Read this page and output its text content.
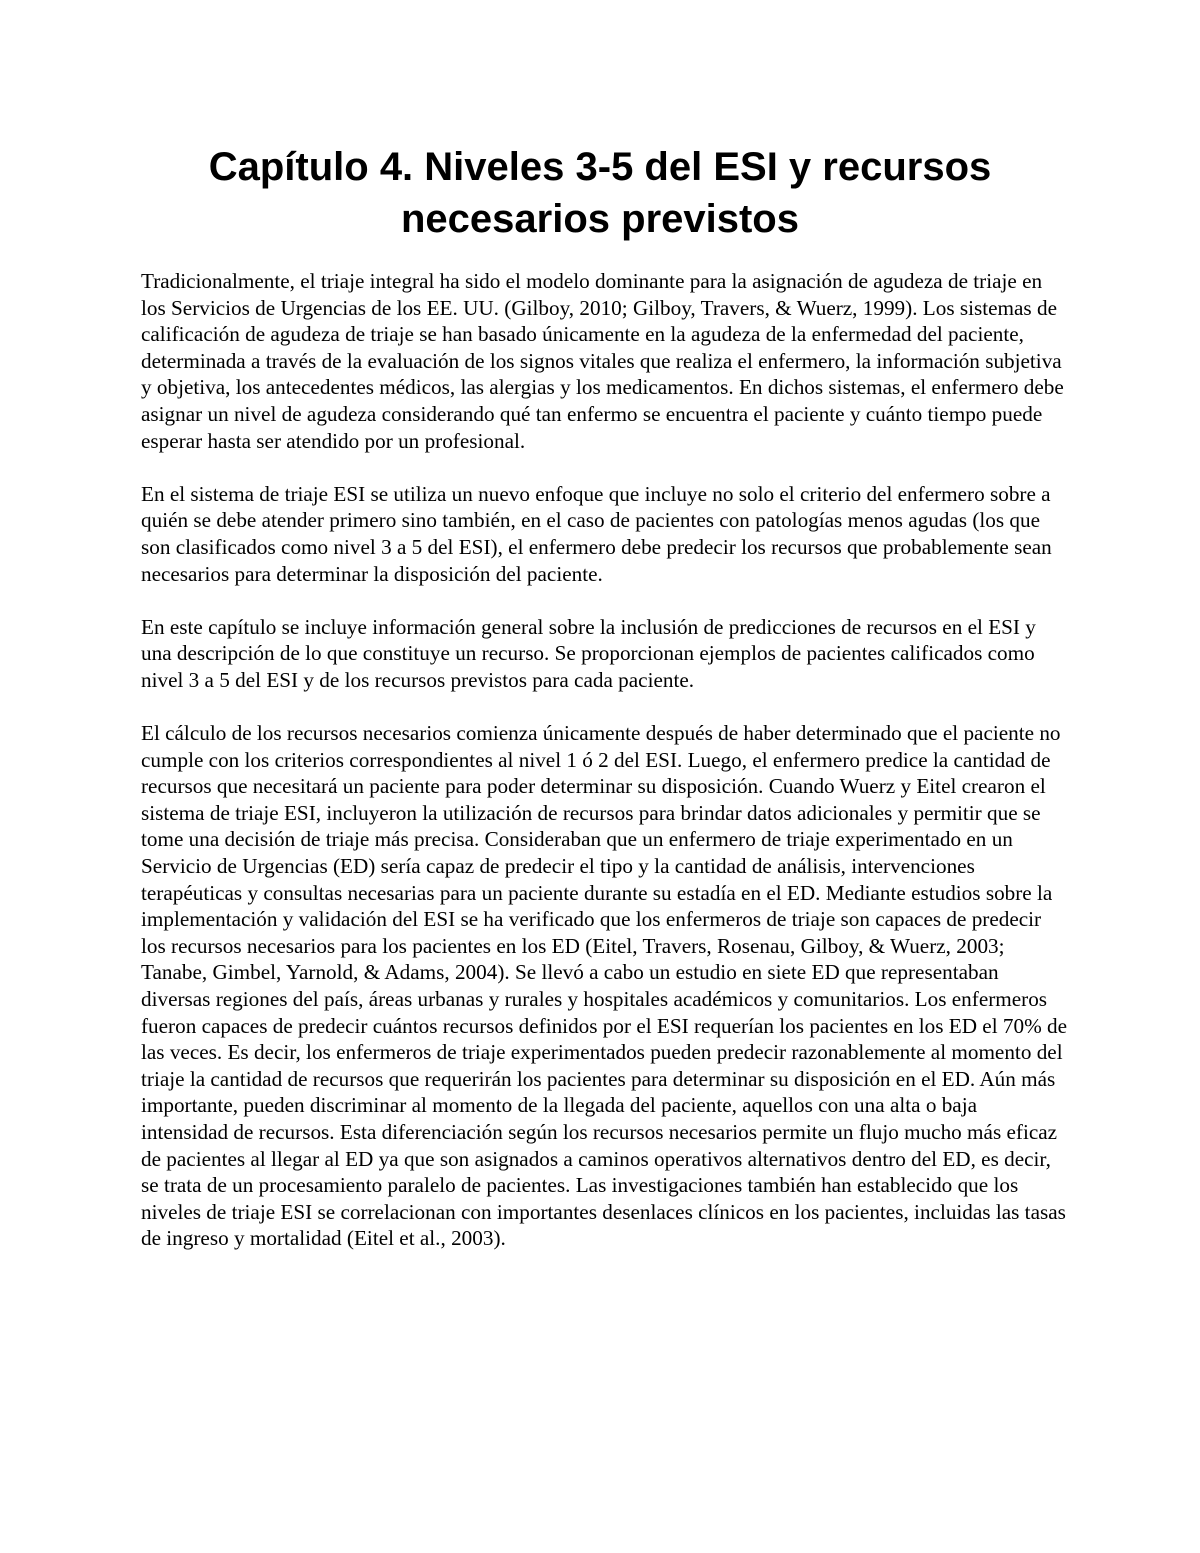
Capítulo 4. Niveles 3-5 del ESI y recursos necesarios previstos

Tradicionalmente, el triaje integral ha sido el modelo dominante para la asignación de agudeza de triaje en los Servicios de Urgencias de los EE. UU. (Gilboy, 2010; Gilboy, Travers, & Wuerz, 1999). Los sistemas de calificación de agudeza de triaje se han basado únicamente en la agudeza de la enfermedad del paciente, determinada a través de la evaluación de los signos vitales que realiza el enfermero, la información subjetiva y objetiva, los antecedentes médicos, las alergias y los medicamentos. En dichos sistemas, el enfermero debe asignar un nivel de agudeza considerando qué tan enfermo se encuentra el paciente y cuánto tiempo puede esperar hasta ser atendido por un profesional.

En el sistema de triaje ESI se utiliza un nuevo enfoque que incluye no solo el criterio del enfermero sobre a quién se debe atender primero sino también, en el caso de pacientes con patologías menos agudas (los que son clasificados como nivel 3 a 5 del ESI), el enfermero debe predecir los recursos que probablemente sean necesarios para determinar la disposición del paciente.

En este capítulo se incluye información general sobre la inclusión de predicciones de recursos en el ESI y una descripción de lo que constituye un recurso. Se proporcionan ejemplos de pacientes calificados como nivel 3 a 5 del ESI y de los recursos previstos para cada paciente.

El cálculo de los recursos necesarios comienza únicamente después de haber determinado que el paciente no cumple con los criterios correspondientes al nivel 1 ó 2 del ESI. Luego, el enfermero predice la cantidad de recursos que necesitará un paciente para poder determinar su disposición. Cuando Wuerz y Eitel crearon el sistema de triaje ESI, incluyeron la utilización de recursos para brindar datos adicionales y permitir que se tome una decisión de triaje más precisa. Consideraban que un enfermero de triaje experimentado en un Servicio de Urgencias (ED) sería capaz de predecir el tipo y la cantidad de análisis, intervenciones terapéuticas y consultas necesarias para un paciente durante su estadía en el ED. Mediante estudios sobre la implementación y validación del ESI se ha verificado que los enfermeros de triaje son capaces de predecir los recursos necesarios para los pacientes en los ED (Eitel, Travers, Rosenau, Gilboy, & Wuerz, 2003; Tanabe, Gimbel, Yarnold, & Adams, 2004). Se llevó a cabo un estudio en siete ED que representaban diversas regiones del país, áreas urbanas y rurales y hospitales académicos y comunitarios. Los enfermeros fueron capaces de predecir cuántos recursos definidos por el ESI requerían los pacientes en los ED el 70% de las veces. Es decir, los enfermeros de triaje experimentados pueden predecir razonablemente al momento del triaje la cantidad de recursos que requerirán los pacientes para determinar su disposición en el ED. Aún más importante, pueden discriminar al momento de la llegada del paciente, aquellos con una alta o baja intensidad de recursos. Esta diferenciación según los recursos necesarios permite un flujo mucho más eficaz de pacientes al llegar al ED ya que son asignados a caminos operativos alternativos dentro del ED, es decir, se trata de un procesamiento paralelo de pacientes. Las investigaciones también han establecido que los niveles de triaje ESI se correlacionan con importantes desenlaces clínicos en los pacientes, incluidas las tasas de ingreso y mortalidad (Eitel et al., 2003).
